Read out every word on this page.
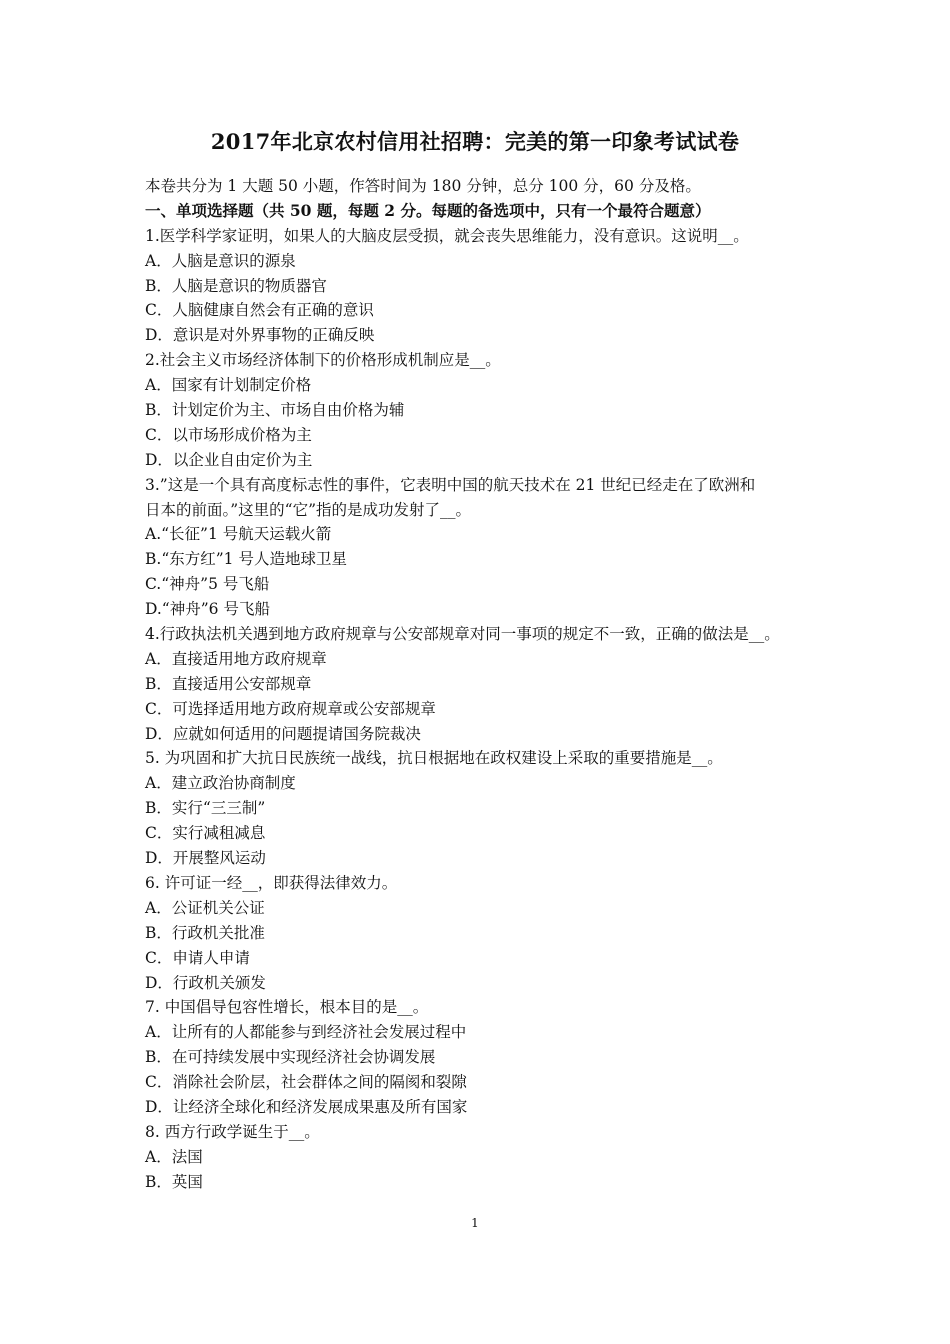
2017年北京农村信用社招聘：完美的第一印象考试试卷
本卷共分为 1 大题 50 小题，作答时间为 180 分钟，总分 100 分，60 分及格。
一、单项选择题（共 50 题，每题 2 分。每题的备选项中，只有一个最符合题意）
1.医学科学家证明，如果人的大脑皮层受损，就会丧失思维能力，没有意识。这说明__。
A．人脑是意识的源泉
B．人脑是意识的物质器官
C．人脑健康自然会有正确的意识
D．意识是对外界事物的正确反映
2.社会主义市场经济体制下的价格形成机制应是__。
A．国家有计划制定价格
B．计划定价为主、市场自由价格为辅
C．以市场形成价格为主
D．以企业自由定价为主
3.”这是一个具有高度标志性的事件，它表明中国的航天技术在 21 世纪已经走在了欧洲和
日本的前面。”这里的“它”指的是成功发射了__。
A.“长征”1 号航天运载火箭
B.“东方红”1 号人造地球卫星
C.“神舟”5 号飞船
D.“神舟”6 号飞船
4.行政执法机关遇到地方政府规章与公安部规章对同一事项的规定不一致，正确的做法是__。
A．直接适用地方政府规章
B．直接适用公安部规章
C．可选择适用地方政府规章或公安部规章
D．应就如何适用的问题提请国务院裁决
5. 为巩固和扩大抗日民族统一战线，抗日根据地在政权建设上采取的重要措施是__。
A．建立政治协商制度
B．实行“三三制”
C．实行减租减息
D．开展整风运动
6. 许可证一经__，即获得法律效力。
A．公证机关公证
B．行政机关批准
C．申请人申请
D．行政机关颁发
7. 中国倡导包容性增长，根本目的是__。
A．让所有的人都能参与到经济社会发展过程中
B．在可持续发展中实现经济社会协调发展
C．消除社会阶层，社会群体之间的隔阂和裂隙
D．让经济全球化和经济发展成果惠及所有国家
8. 西方行政学诞生于__。
A．法国
B．英国
1
